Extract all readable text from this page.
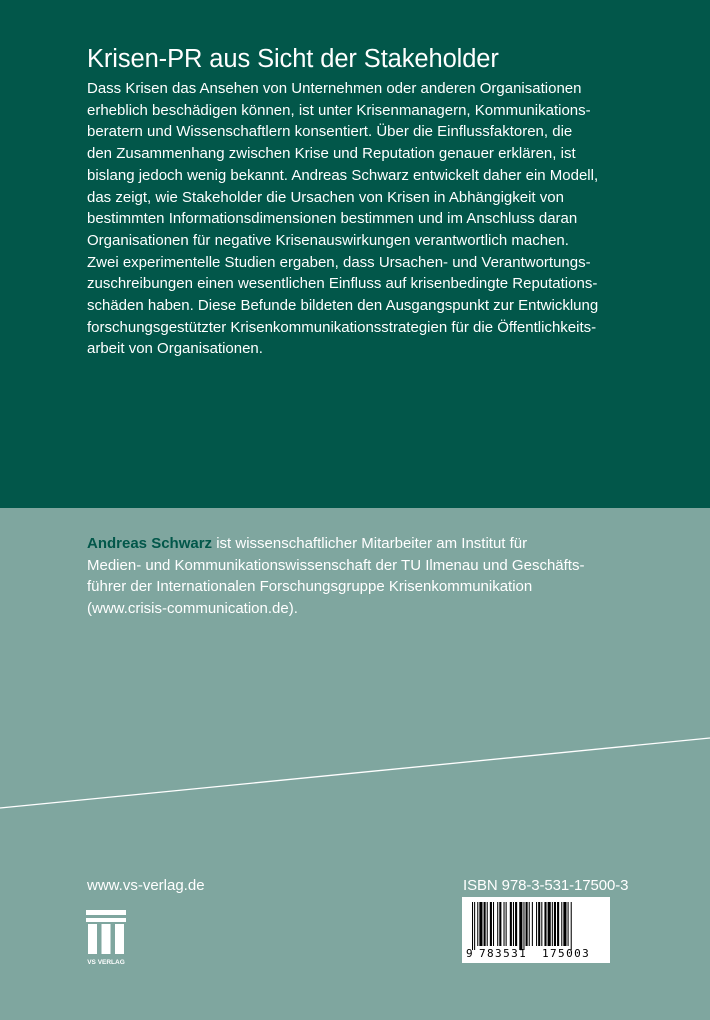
Krisen-PR aus Sicht der Stakeholder
Dass Krisen das Ansehen von Unternehmen oder anderen Organisationen
erheblich beschädigen können, ist unter Krisenmanagern, Kommunikations-
beratern und Wissenschaftlern konsentiert. Über die Einflussfaktoren, die
den Zusammenhang zwischen Krise und Reputation genauer erklären, ist
bislang jedoch wenig bekannt. Andreas Schwarz entwickelt daher ein Modell,
das zeigt, wie Stakeholder die Ursachen von Krisen in Abhängigkeit von
bestimmten Informationsdimensionen bestimmen und im Anschluss daran
Organisationen für negative Krisenauswirkungen verantwortlich machen.
Zwei experimentelle Studien ergaben, dass Ursachen- und Verantwortungs-
zuschreibungen einen wesentlichen Einfluss auf krisenbedingte Reputations-
schäden haben. Diese Befunde bildeten den Ausgangspunkt zur Entwicklung
forschungsgestützter Krisenkommunikationsstrategien für die Öffentlichkeits-
arbeit von Organisationen.
Andreas Schwarz ist wissenschaftlicher Mitarbeiter am Institut für
Medien- und Kommunikationswissenschaft der TU Ilmenau und Geschäfts-
führer der Internationalen Forschungsgruppe Krisenkommunikation
(www.crisis-communication.de).
www.vs-verlag.de
VS VERLAG
ISBN 978-3-531-17500-3
9 783531 175003
